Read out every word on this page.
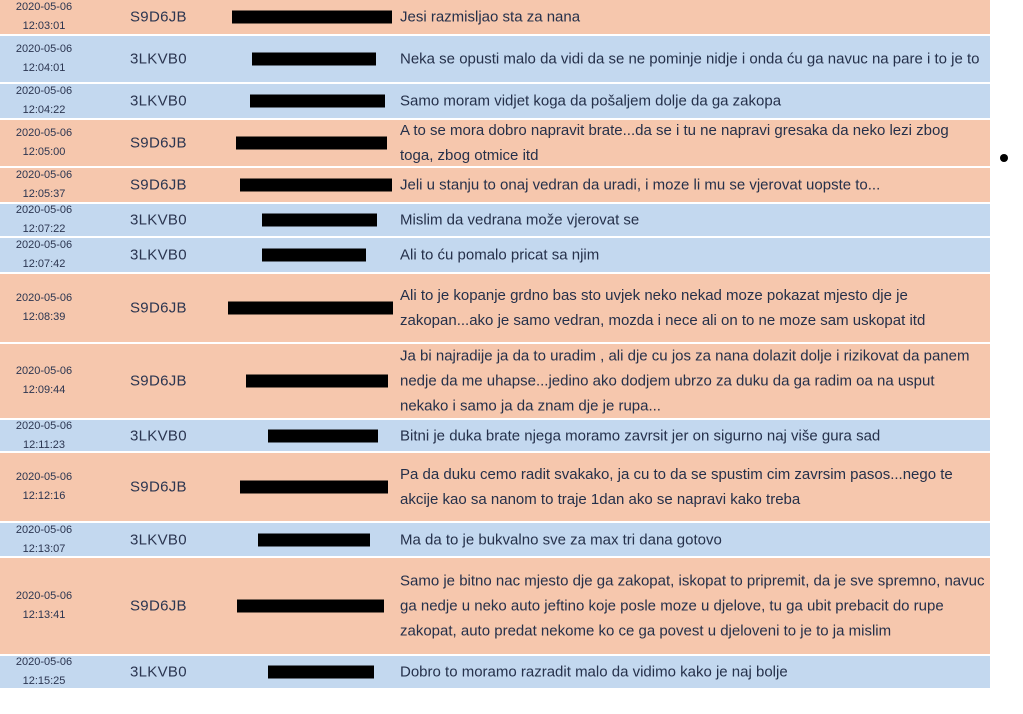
2020-05-06
12:03:01
S9D6JB	Jesi razmisljao sta za nana
2020-05-06
12:04:01
3LKVB0	Neka se opusti malo da vidi da se ne pominje nidje i onda ću ga navuc na pare i to je to
2020-05-06
12:04:22
3LKVB0	Samo moram vidjet koga da pošaljem dolje da ga zakopa
2020-05-06
12:05:00
S9D6JB
A to se mora dobro napravit brate...da se i tu ne napravi gresaka da neko lezi zbog toga, zbog otmice itd
2020-05-06
12:05:37
S9D6JB	Jeli u stanju to onaj vedran da uradi, i moze li mu se vjerovat uopste to...
2020-05-06
12:07:22
3LKVB0	Mislim da vedrana može vjerovat se
2020-05-06
12:07:42
3LKVB0	Ali to ću pomalo pricat sa njim
2020-05-06
12:08:39
S9D6JB
Ali to je kopanje grdno bas sto uvjek neko nekad moze pokazat mjesto dje je zakopan...ako je samo vedran, mozda i nece ali on to ne moze sam uskopat itd
2020-05-06
12:09:44
S9D6JB
Ja bi najradije ja da to uradim , ali dje cu jos za nana dolazit dolje i rizikovat da panem nedje da me uhapse...jedino ako dodjem ubrzo za duku da ga radim oa na usput nekako i samo ja da znam dje je rupa...
2020-05-06
12:11:23
3LKVB0	Bitni je duka brate njega moramo zavrsit jer on sigurno naj više gura sad
2020-05-06
12:12:16
S9D6JB
Pa da duku cemo radit svakako, ja cu to da se spustim cim zavrsim pasos...nego te akcije kao sa nanom to traje 1dan ako se napravi kako treba
2020-05-06
12:13:07
3LKVB0	Ma da to je bukvalno sve za max tri dana gotovo
2020-05-06
12:13:41
S9D6JB
Samo je bitno nac mjesto dje ga zakopat, iskopat to pripremit, da je sve spremno, navuc ga nedje u neko auto jeftino koje posle moze u djelove, tu ga ubit prebacit do rupe zakopat, auto predat nekome ko ce ga povest u djeloveni to je to ja mislim
2020-05-06
12:15:25
3LKVB0	Dobro to moramo razradit malo da vidimo kako je naj bolje
